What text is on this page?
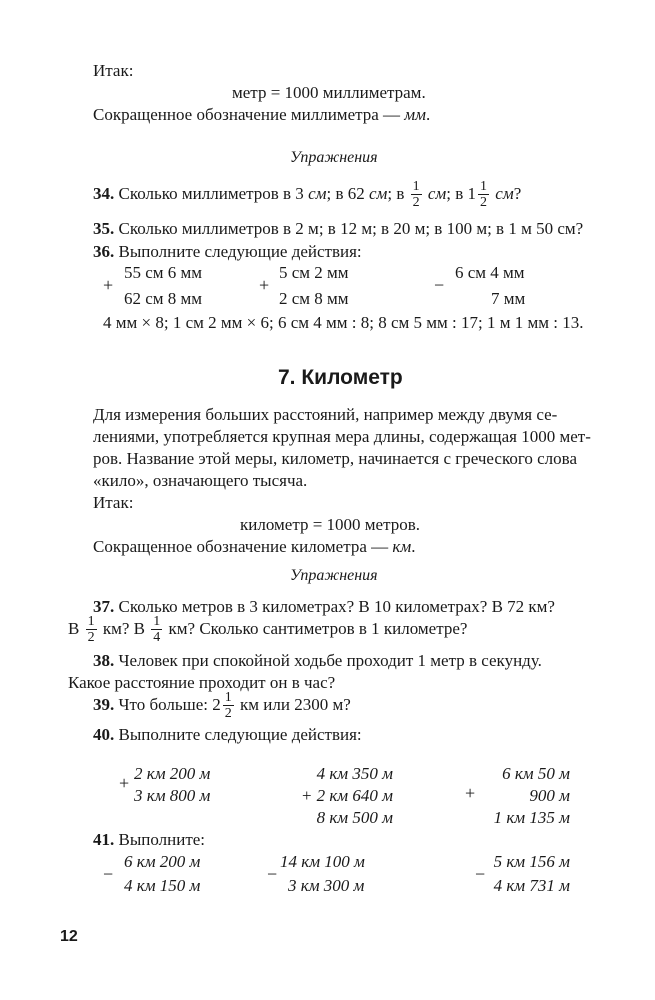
Итак:
метр = 1000 миллиметрам.
Сокращенное обозначение миллиметра — мм.
Упражнения
34. Сколько миллиметров в 3 см; в 62 см; в $\frac{1}{2}$ см; в $1 \frac{1}{2}$ см?
35. Сколько миллиметров в 2 м; в 12 м; в 20 м; в 100 м; в 1 м 50 см?
36. Выполните следующие действия:
55 см 6 мм
+
62 см 8 мм
5 см 2 мм
+
2 см 8 мм
6 см 4 мм
−
7 мм
4 мм × 8; 1 см 2 мм × 6; 6 см 4 мм : 8; 8 см 5 мм : 17; 1 м 1 мм : 13.
7. Километр
Для измерения больших расстояний, например между двумя се-
лениями, употребляется крупная мера длины, содержащая 1000 мет-
ров. Название этой меры, километр, начинается с греческого слова
«кило», означающего тысяча.
Итак:
километр = 1000 метров.
Сокращенное обозначение километра — км.
Упражнения
37. Сколько метров в 3 километрах? В 10 километрах? В 72 км?
В $\frac{1}{2}$ км? В $\frac{1}{4}$ км? Сколько сантиметров в 1 километре?
38. Человек при спокойной ходьбе проходит 1 метр в секунду.
Какое расстояние проходит он в час?
39. Что больше: $2 \frac{1}{2}$ км или 2300 м?
40. Выполните следующие действия:
2 км 200 м
+
3 км 800 м
4 км 350 м
+ 2 км 640 м
8 км 500 м
6 км 50 м
+	900 м
1 км 135 м
41. Выполните:
6 км 200 м
−
4 км 150 м
14 км 100 м
−
3 км 300 м
5 км 156 м
−
4 км 731 м
12
